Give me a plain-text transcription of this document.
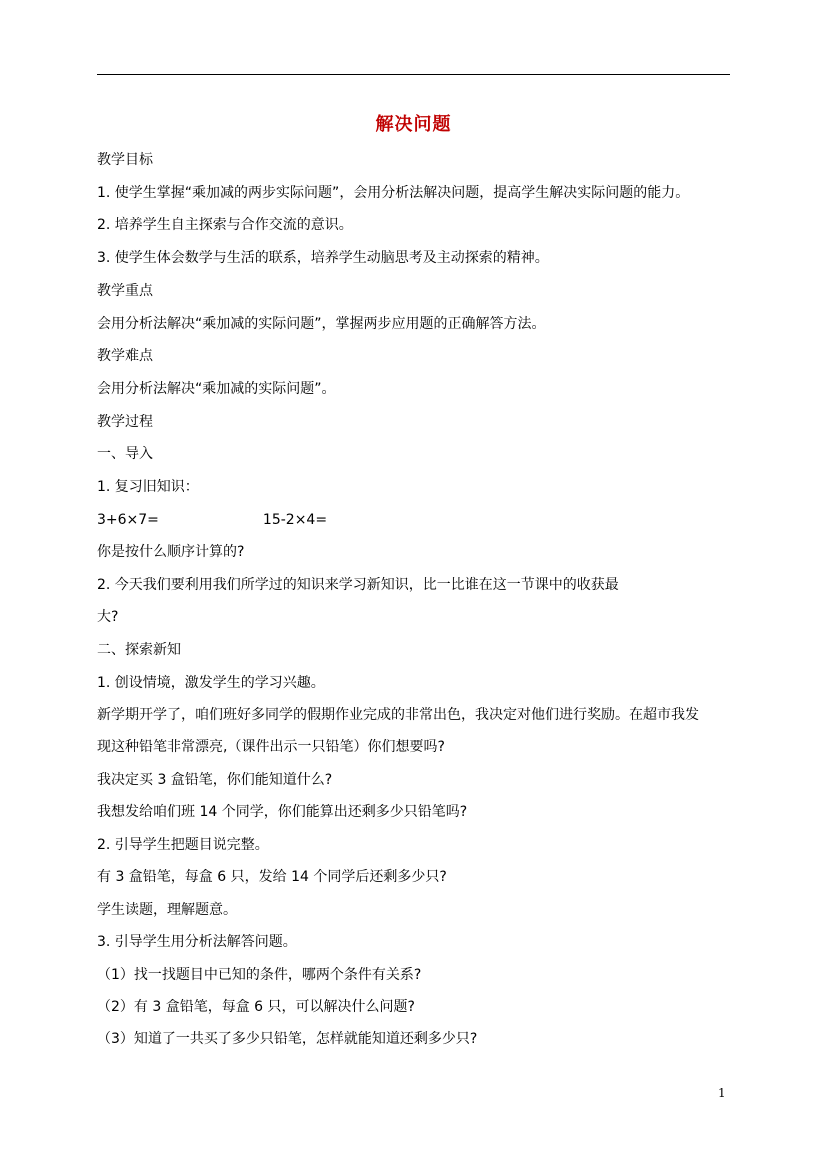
解决问题
教学目标
1. 使学生掌握“乘加减的两步实际问题”，会用分析法解决问题，提高学生解决实际问题的能力。
2. 培养学生自主探索与合作交流的意识。
3. 使学生体会数学与生活的联系，培养学生动脑思考及主动探索的精神。
教学重点
会用分析法解决“乘加减的实际问题”，掌握两步应用题的正确解答方法。
教学难点
会用分析法解决“乘加减的实际问题”。
教学过程
一、导入
1. 复习旧知识：
3+6×7=	15-2×4=
你是按什么顺序计算的?
2. 今天我们要利用我们所学过的知识来学习新知识，比一比谁在这一节课中的收获最
大?
二、探索新知
1. 创设情境，激发学生的学习兴趣。
新学期开学了，咱们班好多同学的假期作业完成的非常出色，我决定对他们进行奖励。在超市我发
现这种铅笔非常漂亮,（课件出示一只铅笔）你们想要吗?
我决定买 3 盒铅笔，你们能知道什么?
我想发给咱们班 14 个同学，你们能算出还剩多少只铅笔吗?
2. 引导学生把题目说完整。
有 3 盒铅笔，每盒 6 只，发给 14 个同学后还剩多少只?
学生读题，理解题意。
3. 引导学生用分析法解答问题。
（1）找一找题目中已知的条件，哪两个条件有关系?
（2）有 3 盒铅笔，每盒 6 只，可以解决什么问题?
（3）知道了一共买了多少只铅笔，怎样就能知道还剩多少只?
1
